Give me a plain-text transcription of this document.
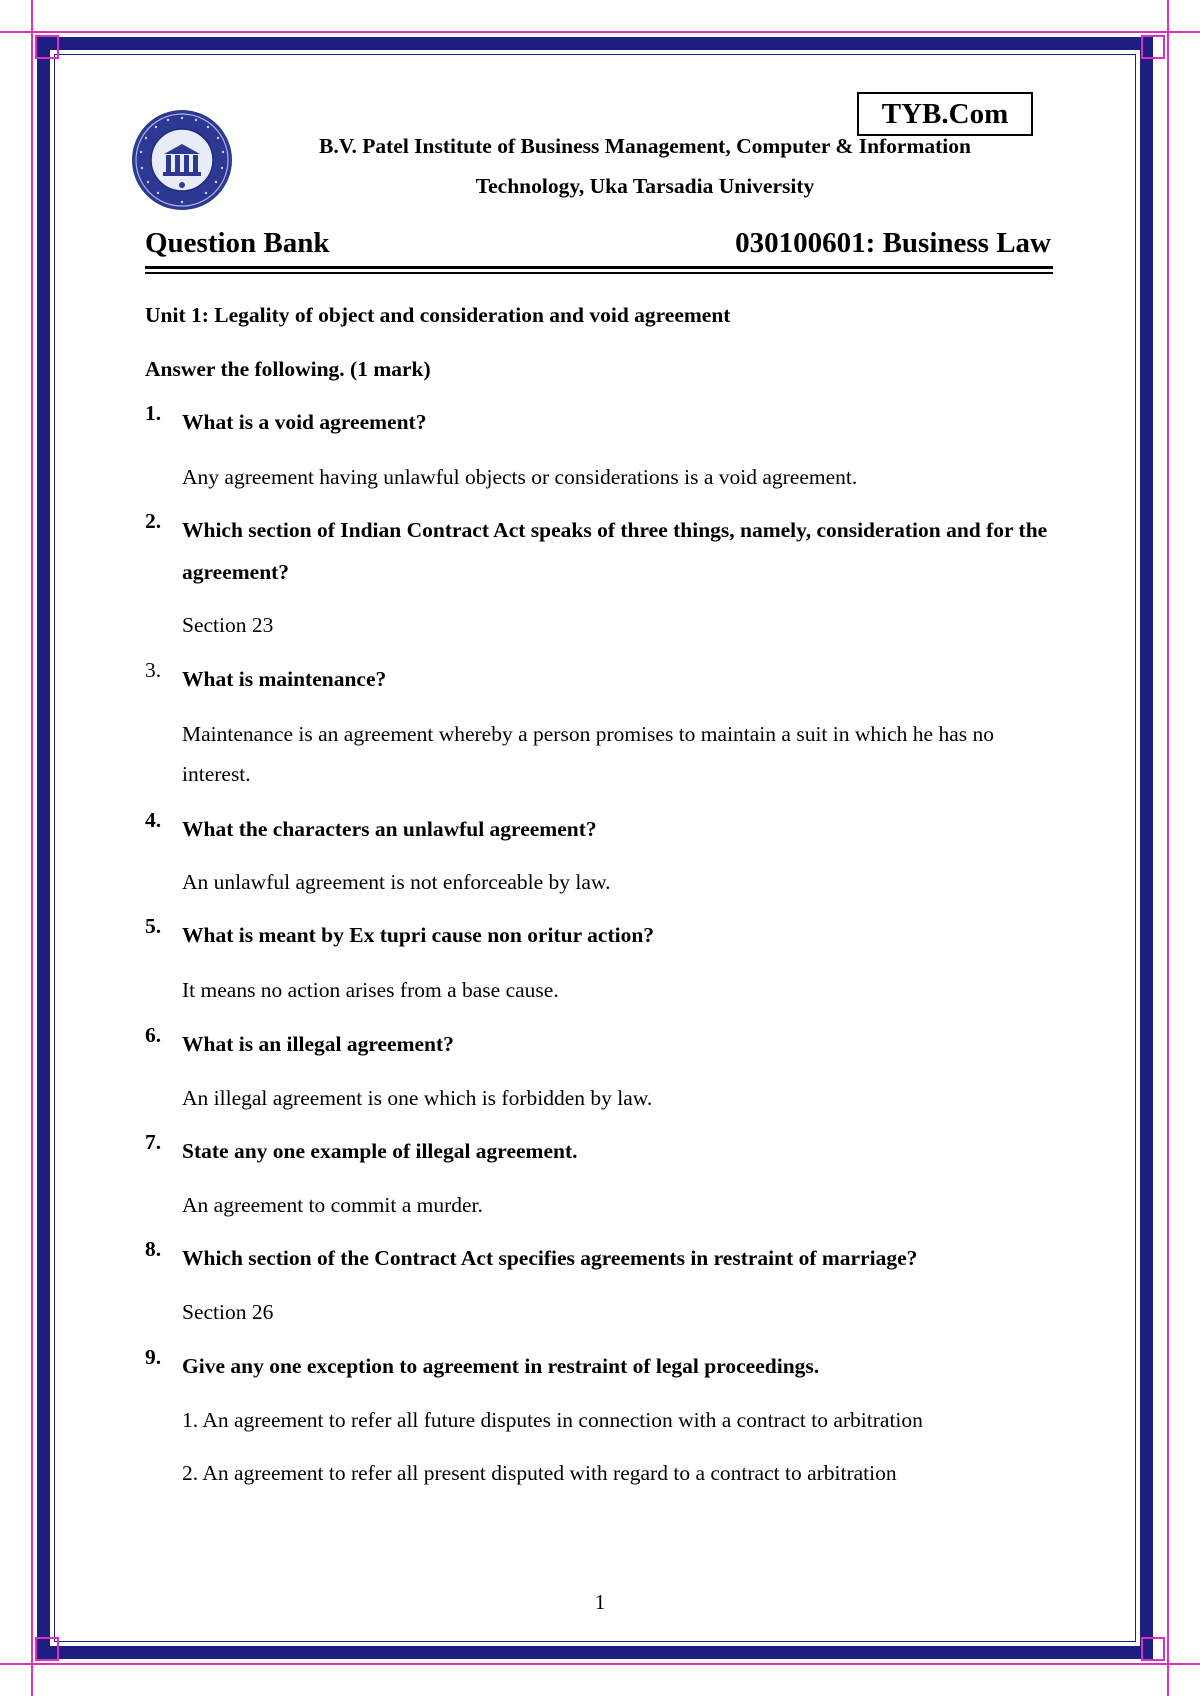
TYB.Com
B.V. Patel Institute of Business Management, Computer & Information
Technology, Uka Tarsadia University
Question Bank	030100601: Business Law
Unit 1: Legality of object and consideration and void agreement
Answer the following. (1 mark)
1. What is a void agreement?
Any agreement having unlawful objects or considerations is a void agreement.
2. Which section of Indian Contract Act speaks of three things, namely, consideration and for the agreement?
Section 23
3. What is maintenance?
Maintenance is an agreement whereby a person promises to maintain a suit in which he has no interest.
4. What the characters an unlawful agreement?
An unlawful agreement is not enforceable by law.
5. What is meant by Ex tupri cause non oritur action?
It means no action arises from a base cause.
6. What is an illegal agreement?
An illegal agreement is one which is forbidden by law.
7. State any one example of illegal agreement.
An agreement to commit a murder.
8. Which section of the Contract Act specifies agreements in restraint of marriage?
Section 26
9. Give any one exception to agreement in restraint of legal proceedings.
1. An agreement to refer all future disputes in connection with a contract to arbitration
2. An agreement to refer all present disputed with regard to a contract to arbitration
1
